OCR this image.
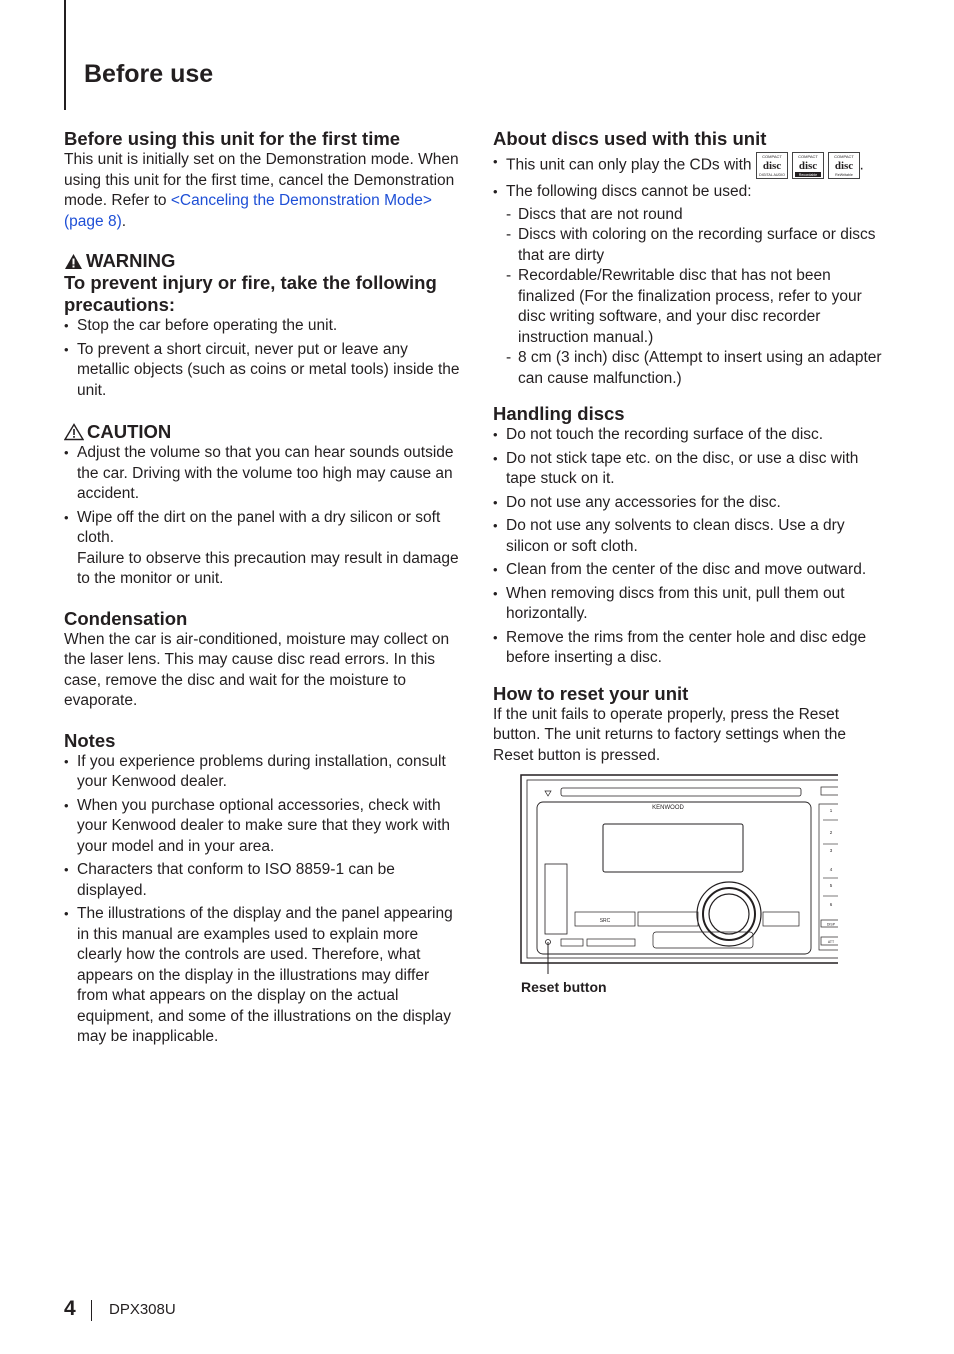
Before use
Before using this unit for the first time

This unit is initially set on the Demonstration mode. When using this unit for the first time, cancel the Demonstration mode. Refer to <Canceling the Demonstration Mode> (page 8).

WARNING
To prevent injury or fire, take the following precautions:
• Stop the car before operating the unit.
• To prevent a short circuit, never put or leave any metallic objects (such as coins or metal tools) inside the unit.
CAUTION
• Adjust the volume so that you can hear sounds outside the car. Driving with the volume too high may cause an accident.
• Wipe off the dirt on the panel with a dry silicon or soft cloth.
Failure to observe this precaution may result in damage to the monitor or unit.
Condensation

When the car is air-conditioned, moisture may collect on the laser lens. This may cause disc read errors. In this case, remove the disc and wait for the moisture to evaporate.

Notes
• If you experience problems during installation, consult your Kenwood dealer.
• When you purchase optional accessories, check with your Kenwood dealer to make sure that they work with your model and in your area.
• Characters that conform to ISO 8859-1 can be displayed.
• The illustrations of the display and the panel appearing in this manual are examples used to explain more clearly how the controls are used. Therefore, what appears on the display in the illustrations may differ from what appears on the display on the actual equipment, and some of the illustrations on the display may be inapplicable.
About discs used with this unit
• This unit can only play the CDs with
COMPACT
disc
DIGITAL AUDIO
COMPACT
disc
Recordable
COMPACT
disc
ReWritable
.
• The following discs cannot be used:
- Discs that are not round
- Discs with coloring on the recording surface or discs that are dirty
- Recordable/Rewritable disc that has not been finalized (For the finalization process, refer to your disc writing software, and your disc recorder instruction manual.)
- 8 cm (3 inch) disc (Attempt to insert using an adapter can cause malfunction.)
Handling discs
• Do not touch the recording surface of the disc.
• Do not stick tape etc. on the disc, or use a disc with tape stuck on it.
• Do not use any accessories for the disc.
• Do not use any solvents to clean discs. Use a dry silicon or soft cloth.
• Clean from the center of the disc and move outward.
• When removing discs from this unit, pull them out horizontally.
• Remove the rims from the center hole and disc edge before inserting a disc.
How to reset your unit

If the unit fails to operate properly, press the Reset button. The unit returns to factory settings when the Reset button is pressed.

KENWOOD
SRC
1
2
3
4
5
6
DISP
ATT
Reset button
4 DPX308U
